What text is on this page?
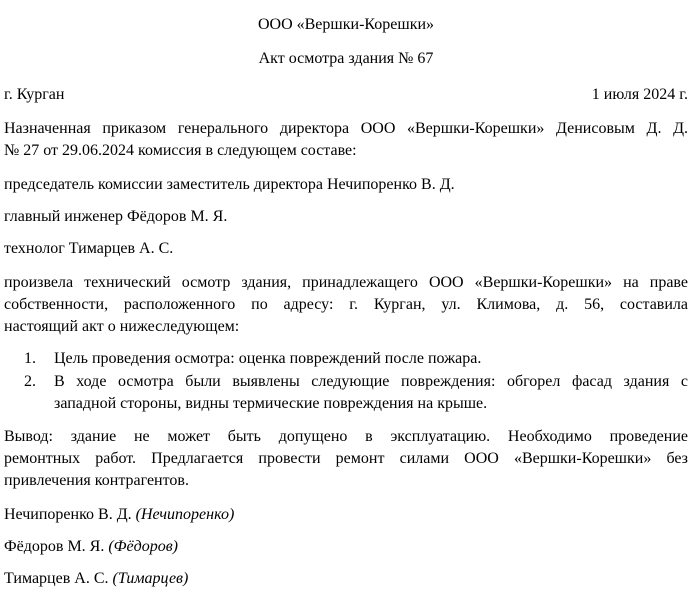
ООО «Вершки-Корешки»
Акт осмотра здания № 67
г. Курган	1 июля 2024 г.
Назначенная приказом генерального директора ООО «Вершки-Корешки» Денисовым Д. Д.
№ 27 от 29.06.2024 комиссия в следующем составе:
председатель комиссии заместитель директора Нечипоренко В. Д.
главный инженер Фёдоров М. Я.
технолог Тимарцев А. С.
произвела технический осмотр здания, принадлежащего ООО «Вершки-Корешки» на праве
собственности, расположенного по адресу: г. Курган, ул. Климова, д. 56, составила
настоящий акт о нижеследующем:
1.	Цель проведения осмотра: оценка повреждений после пожара.
2.	В ходе осмотра были выявлены следующие повреждения: обгорел фасад здания с
западной стороны, видны термические повреждения на крыше.
Вывод: здание не может быть допущено в эксплуатацию. Необходимо проведение
ремонтных работ. Предлагается провести ремонт силами ООО «Вершки-Корешки» без
привлечения контрагентов.
Нечипоренко В. Д. (Нечипоренко)
Фёдоров М. Я. (Фёдоров)
Тимарцев А. С. (Тимарцев)
